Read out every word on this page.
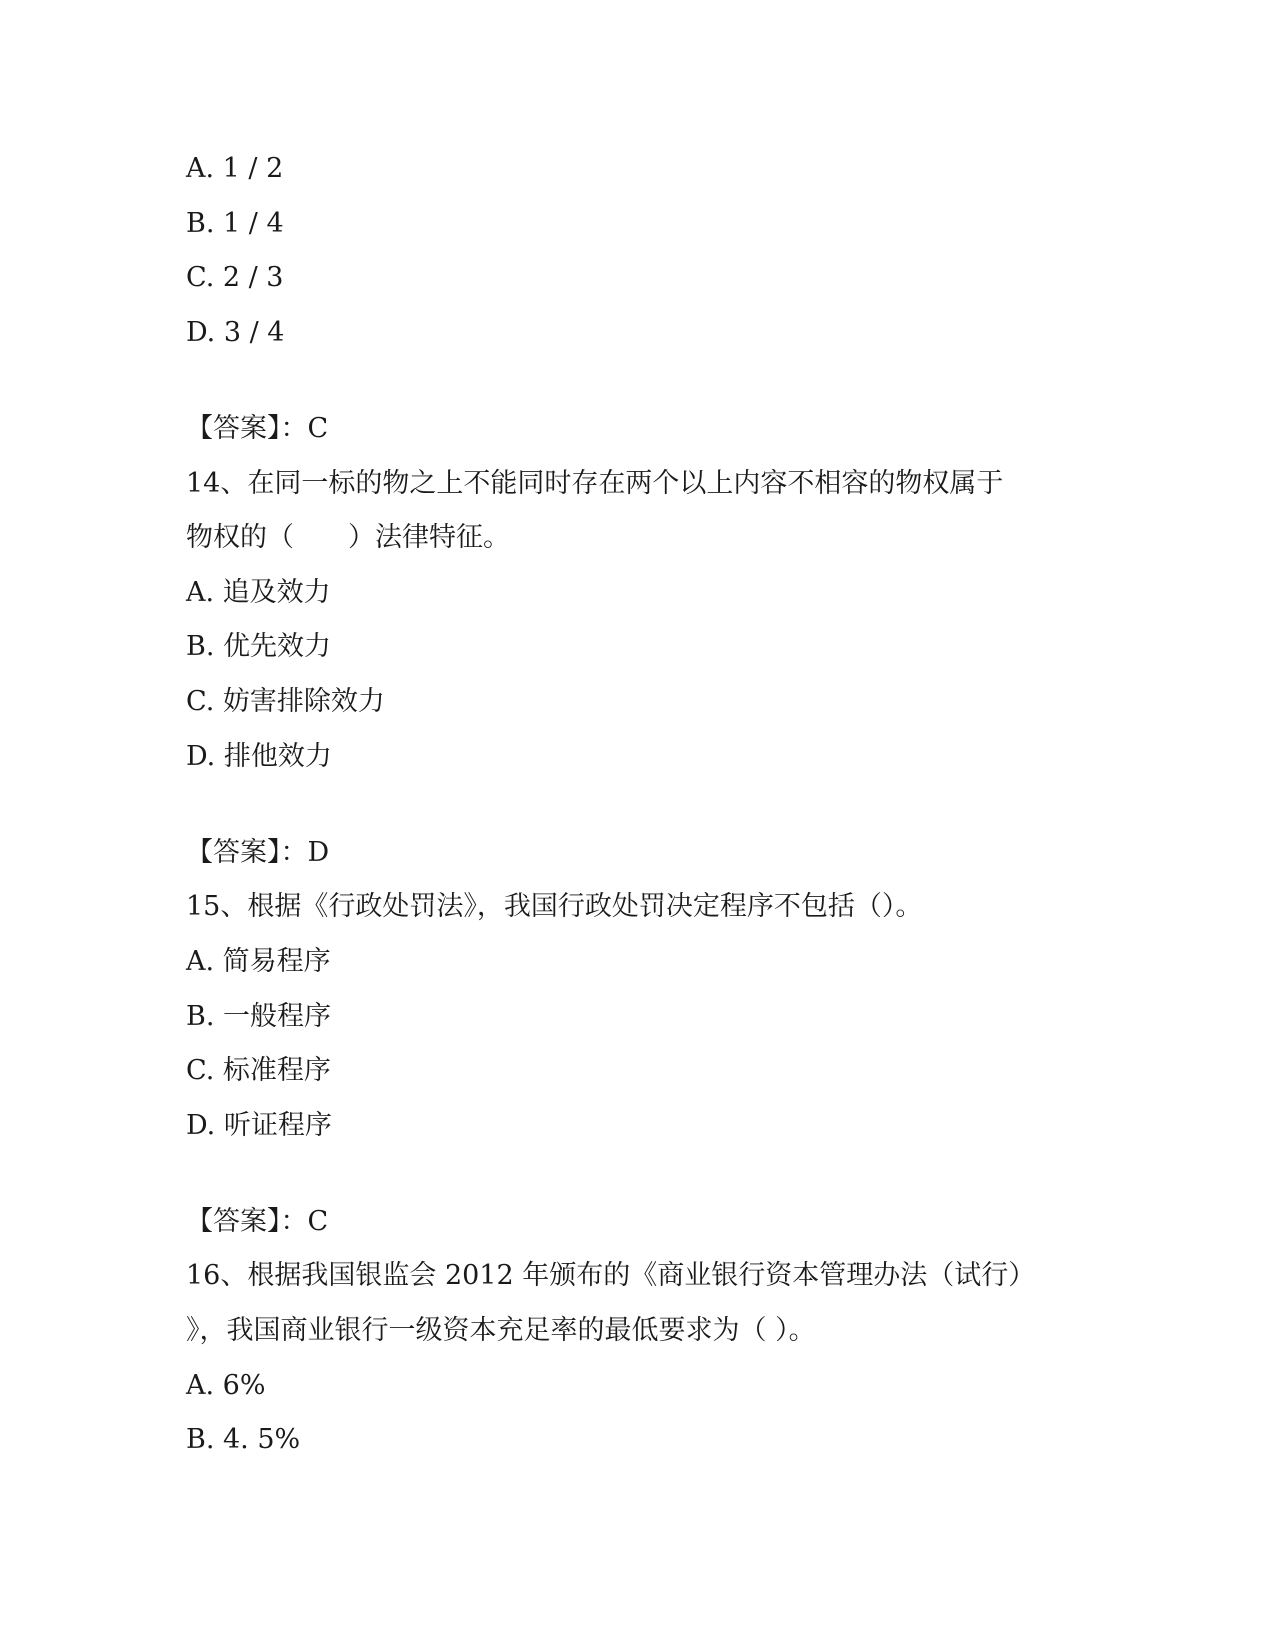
A. 1 / 2
B. 1 / 4
C. 2 / 3
D. 3 / 4
【答案】：C
14、在同一标的物之上不能同时存在两个以上内容不相容的物权属于
物权的（　　）法律特征。
A. 追及效力
B. 优先效力
C. 妨害排除效力
D. 排他效力
【答案】：D
15、根据《行政处罚法》，我国行政处罚决定程序不包括（）。
A. 简易程序
B. 一般程序
C. 标准程序
D. 听证程序
【答案】：C
16、根据我国银监会 2012 年颁布的《商业银行资本管理办法（试行）
》，我国商业银行一级资本充足率的最低要求为（ ）。
A. 6%
B. 4. 5%
